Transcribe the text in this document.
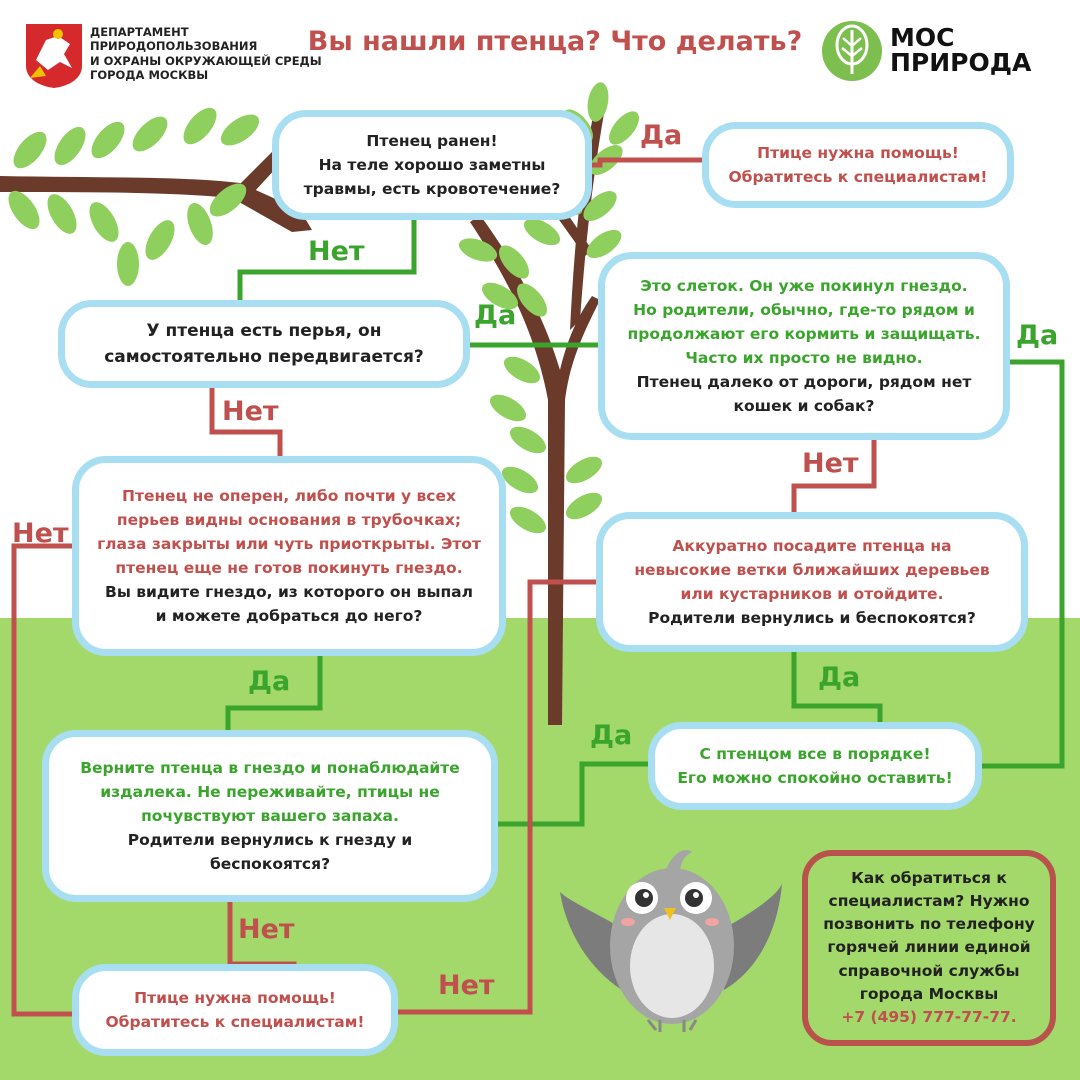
ДЕПАРТАМЕНТ
ПРИРОДОПОЛЬЗОВАНИЯ
И ОХРАНЫ ОКРУЖАЮЩЕЙ СРЕДЫ
ГОРОДА МОСКВЫ
Вы нашли птенца? Что делать?	МОС
ПРИРОДА
Птенец ранен!
На теле хорошо заметны
травмы, есть кровотечение?
Птице нужна помощь!
Обратитесь к специалистам!
У птенца есть перья, он
самостоятельно передвигается?
Это слеток. Он уже покинул гнездо.
Но родители, обычно, где-то рядом и
продолжают его кормить и защищать.
Часто их просто не видно.
Птенец далеко от дороги, рядом нет
кошек и собак?
Птенец не оперен, либо почти у всех
перьев видны основания в трубочках;
глаза закрыты или чуть приоткрыты. Этот
птенец еще не готов покинуть гнездо.
Вы видите гнездо, из которого он выпал
и можете добраться до него?
Аккуратно посадите птенца на
невысокие ветки ближайших деревьев
или кустарников и отойдите.
Родители вернулись и беспокоятся?
Верните птенца в гнездо и понаблюдайте
издалека. Не переживайте, птицы не
почувствуют вашего запаха.
Родители вернулись к гнезду и
беспокоятся?
С птенцом все в порядке!
Его можно спокойно оставить!
Птице нужна помощь!
Обратитесь к специалистам!
Как обратиться к
специалистам? Нужно
позвонить по телефону
горячей линии единой
справочной службы
города Москвы
+7 (495) 777-77-77.
Да
Нет
Да
Да
Нет
Нет
Нет
Да
Да
Да
Нет
Нет
